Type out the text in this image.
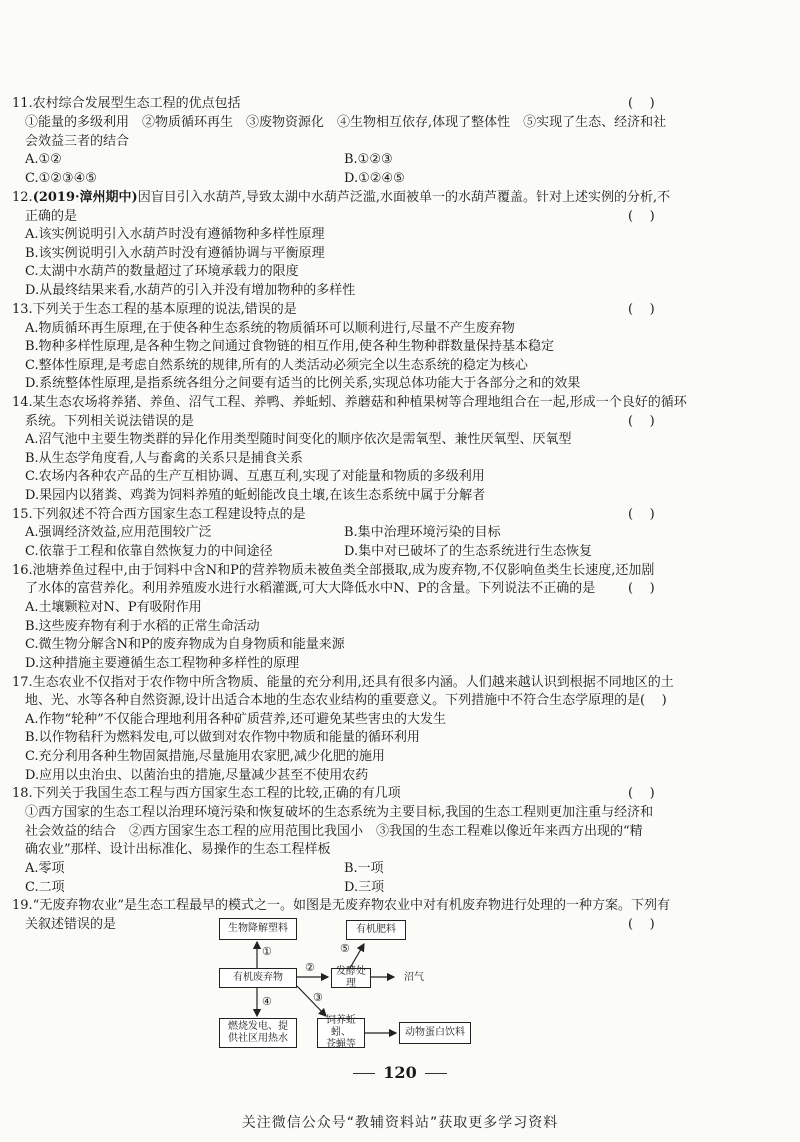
11.农村综合发展型生态工程的优点包括	(    )
①能量的多级利用　②物质循环再生　③废物资源化　④生物相互依存,体现了整体性　⑤实现了生态、经济和社
会效益三者的结合
A.①②	B.①②③
C.①②③④⑤	D.①②④⑤
12.(2019·漳州期中)因盲目引入水葫芦,导致太湖中水葫芦泛滥,水面被单一的水葫芦覆盖。针对上述实例的分析,不
正确的是	(    )
A.该实例说明引入水葫芦时没有遵循物种多样性原理
B.该实例说明引入水葫芦时没有遵循协调与平衡原理
C.太湖中水葫芦的数量超过了环境承载力的限度
D.从最终结果来看,水葫芦的引入并没有增加物种的多样性
13.下列关于生态工程的基本原理的说法,错误的是	(    )
A.物质循环再生原理,在于使各种生态系统的物质循环可以顺利进行,尽量不产生废弃物
B.物种多样性原理,是各种生物之间通过食物链的相互作用,使各种生物种群数量保持基本稳定
C.整体性原理,是考虑自然系统的规律,所有的人类活动必须完全以生态系统的稳定为核心
D.系统整体性原理,是指系统各组分之间要有适当的比例关系,实现总体功能大于各部分之和的效果
14.某生态农场将养猪、养鱼、沼气工程、养鸭、养蚯蚓、养蘑菇和种植果树等合理地组合在一起,形成一个良好的循环
系统。下列相关说法错误的是	(    )
A.沼气池中主要生物类群的异化作用类型随时间变化的顺序依次是需氧型、兼性厌氧型、厌氧型
B.从生态学角度看,人与畜禽的关系只是捕食关系
C.农场内各种农产品的生产互相协调、互惠互利,实现了对能量和物质的多级利用
D.果园内以猪粪、鸡粪为饲料养殖的蚯蚓能改良土壤,在该生态系统中属于分解者
15.下列叙述不符合西方国家生态工程建设特点的是	(    )
A.强调经济效益,应用范围较广泛	B.集中治理环境污染的目标
C.依靠于工程和依靠自然恢复力的中间途径	D.集中对已破坏了的生态系统进行生态恢复
16.池塘养鱼过程中,由于饲料中含N和P的营养物质未被鱼类全部摄取,成为废弃物,不仅影响鱼类生长速度,还加剧
了水体的富营养化。利用养殖废水进行水稻灌溉,可大大降低水中N、P的含量。下列说法不正确的是	(    )
A.土壤颗粒对N、P有吸附作用
B.这些废弃物有利于水稻的正常生命活动
C.微生物分解含N和P的废弃物成为自身物质和能量来源
D.这种措施主要遵循生态工程物种多样性的原理
17.生态农业不仅指对于农作物中所含物质、能量的充分利用,还具有很多内涵。人们越来越认识到根据不同地区的土
地、光、水等各种自然资源,设计出适合本地的生态农业结构的重要意义。下列措施中不符合生态学原理的是 (    )
A.作物“轮种”不仅能合理地利用各种矿质营养,还可避免某些害虫的大发生
B.以作物秸秆为燃料发电,可以做到对农作物中物质和能量的循环利用
C.充分利用各种生物固氮措施,尽量施用农家肥,减少化肥的施用
D.应用以虫治虫、以菌治虫的措施,尽量减少甚至不使用农药
18.下列关于我国生态工程与西方国家生态工程的比较,正确的有几项	(    )
①西方国家的生态工程以治理环境污染和恢复破坏的生态系统为主要目标,我国的生态工程则更加注重与经济和
社会效益的结合　②西方国家生态工程的应用范围比我国小　③我国的生态工程难以像近年来西方出现的“精
确农业”那样、设计出标准化、易操作的生态工程样板
A.零项	B.一项
C.二项	D.三项
19.“无废弃物农业”是生态工程最早的模式之一。如图是无废弃物农业中对有机废弃物进行处理的一种方案。下列有
关叙述错误的是	(    )
生物降解塑料
有机废弃物
有机肥料
发酵处理
沼气
燃烧发电、提
供社区用热水
饲养蚯蚓、
苍蝇等
动物蛋白饮料
①
②
③
④
⑤
120
关注微信公众号“教辅资料站”获取更多学习资料
